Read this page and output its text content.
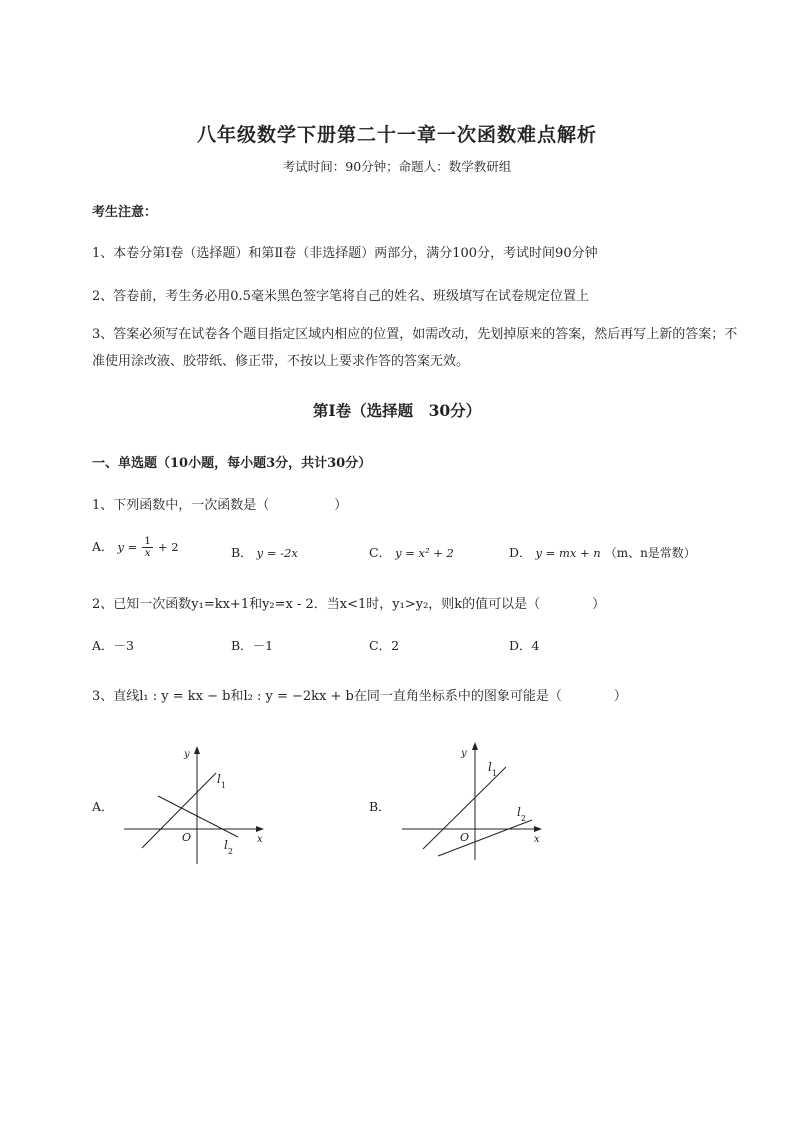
八年级数学下册第二十一章一次函数难点解析
考试时间：90分钟；命题人：数学教研组
考生注意：
1、本卷分第I卷（选择题）和第Ⅱ卷（非选择题）两部分，满分100分，考试时间90分钟
2、答卷前，考生务必用0.5毫米黑色签字笔将自己的姓名、班级填写在试卷规定位置上
3、答案必须写在试卷各个题目指定区域内相应的位置，如需改动，先划掉原来的答案，然后再写上新的答案；不准使用涂改液、胶带纸、修正带，不按以上要求作答的答案无效。
第I卷（选择题　30分）
一、单选题（10小题，每小题3分，共计30分）
1、下列函数中，一次函数是（　　　　　）
A． $y = \frac{1}{x} + 2$	B． y = -2x	C． y = x² + 2	D． y = mx + n （m、n是常数）
2、已知一次函数y₁=kx+1和y₂=x - 2．当x<1时，y₁>y₂，则k的值可以是（　　　　）
A．－3	B．－1	C．2	D．4
3、直线l₁ : y = kx − b和l₂ : y = −2kx + b在同一直角坐标系中的图象可能是（　　　　）
A．
O	x
y
$l_1$
$l_2$
B．
O	x
y
$l_1$
$l_2$
